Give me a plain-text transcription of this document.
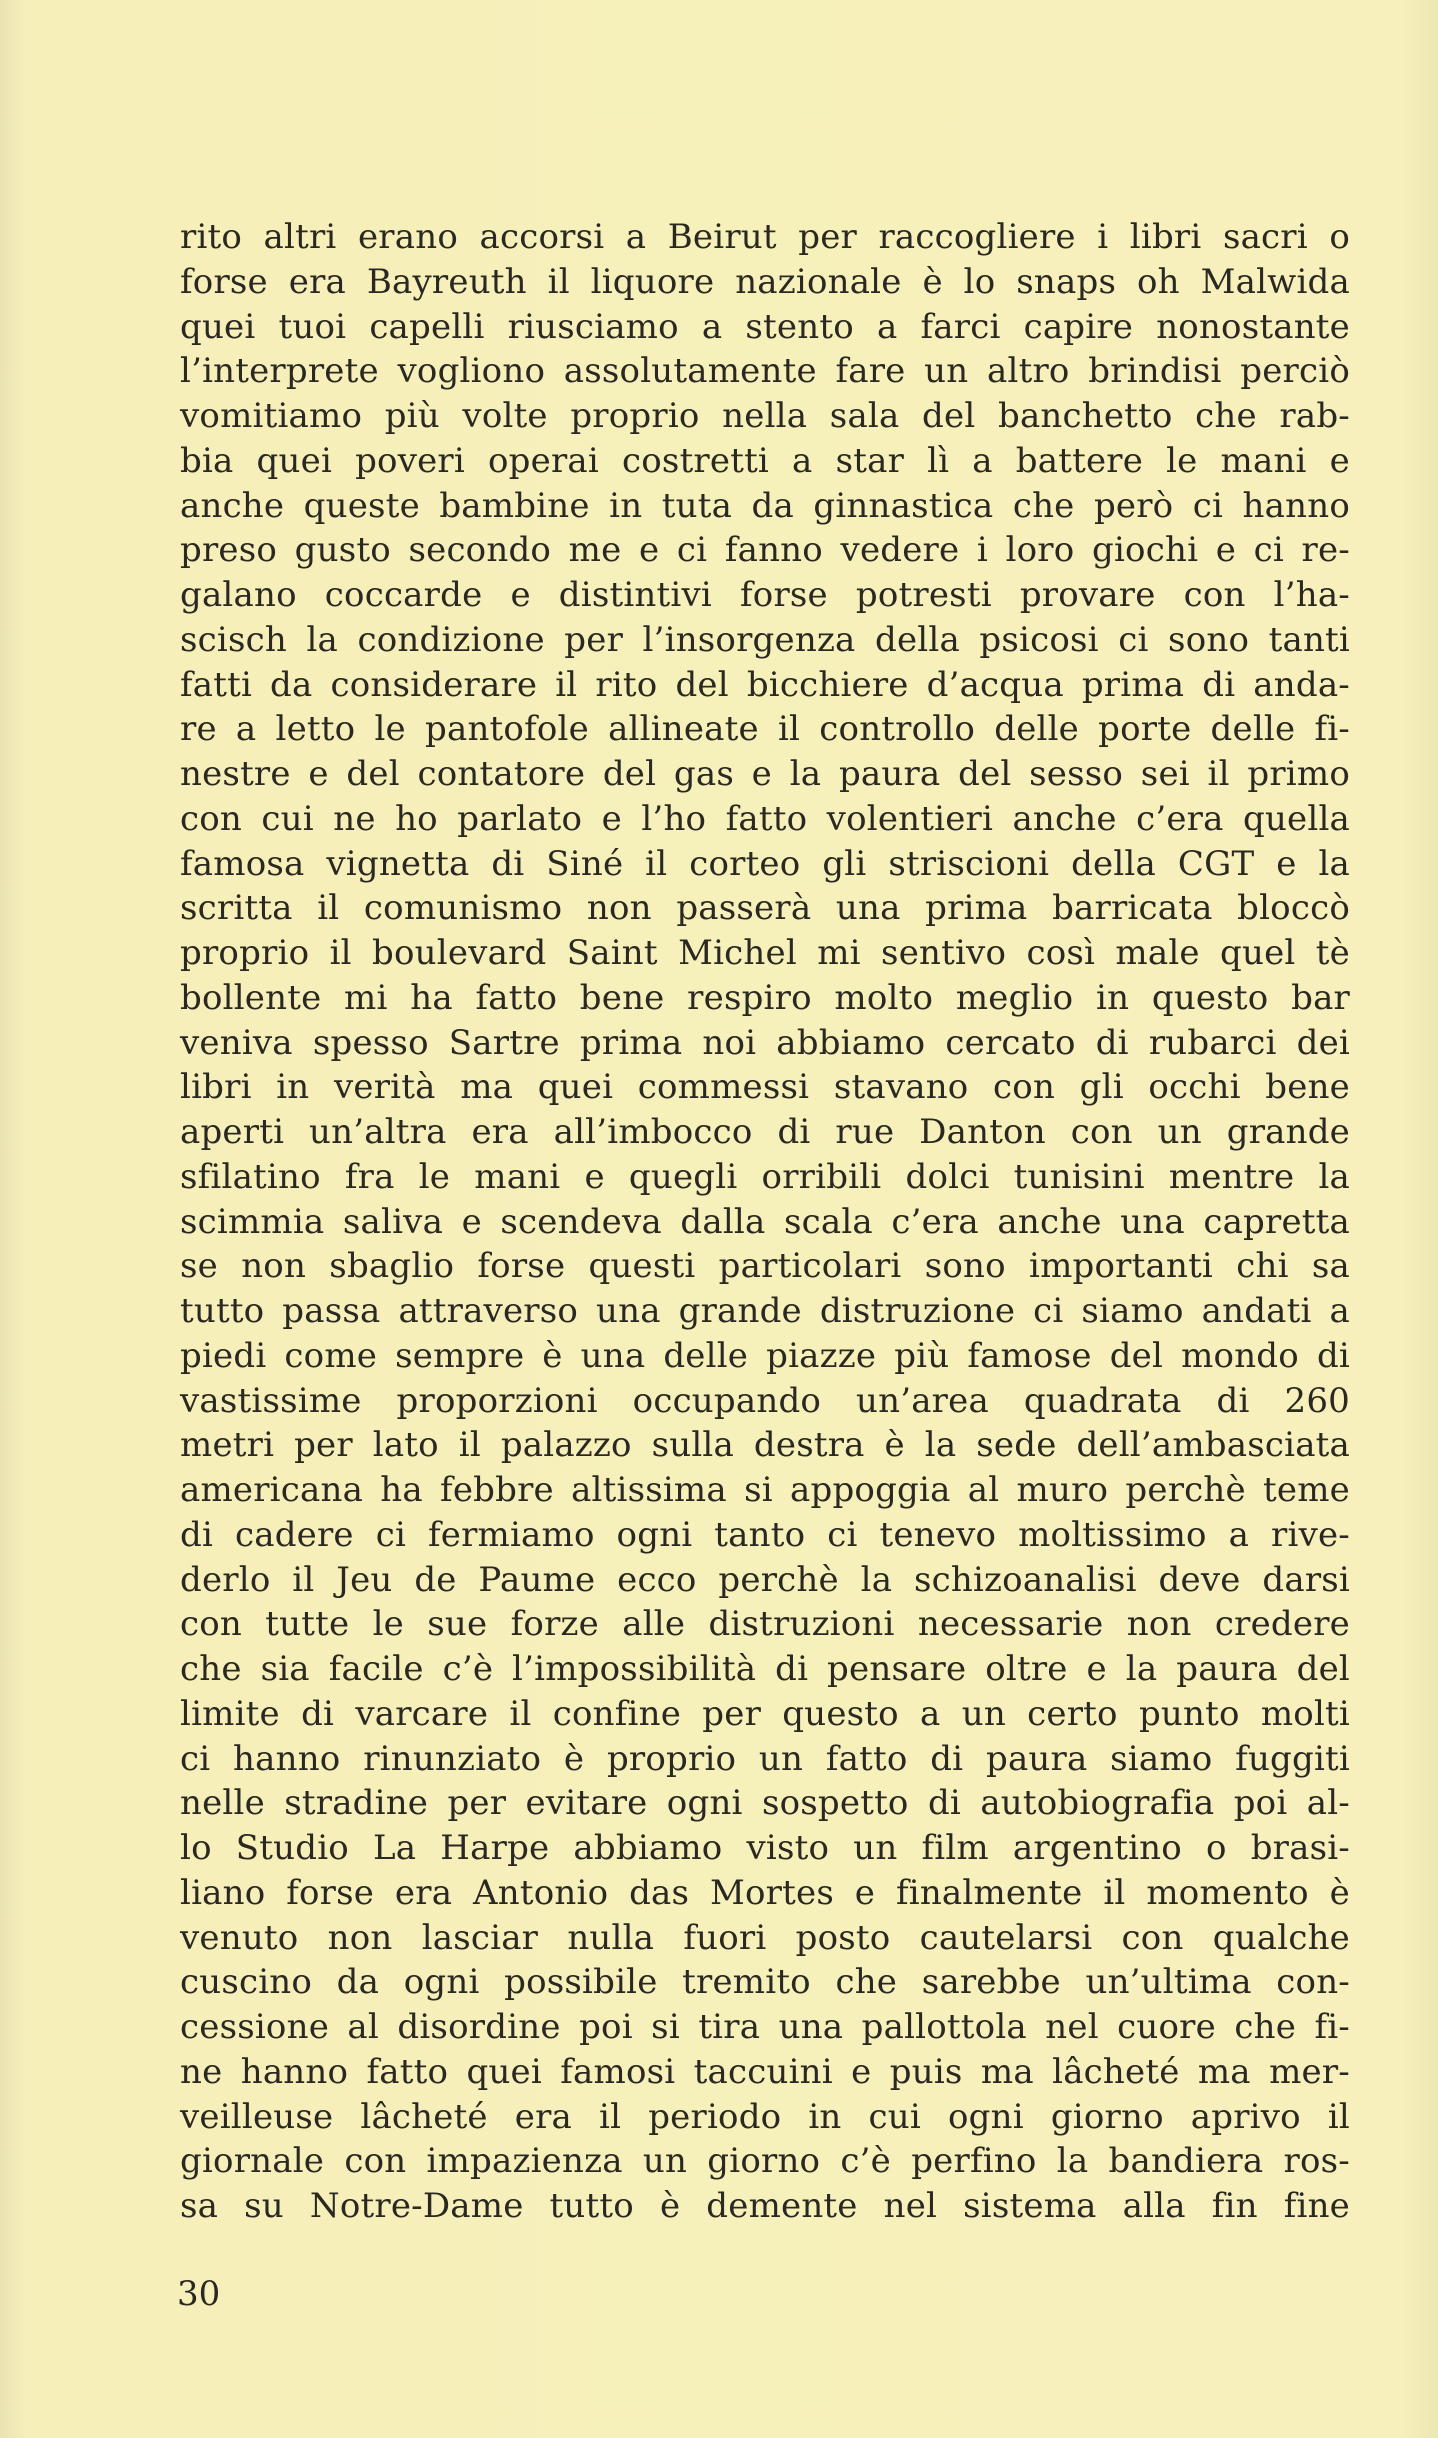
rito altri erano accorsi a Beirut per raccogliere i libri sacri o
forse era Bayreuth il liquore nazionale è lo snaps oh Malwida
quei tuoi capelli riusciamo a stento a farci capire nonostante
l’interprete vogliono assolutamente fare un altro brindisi perciò
vomitiamo più volte proprio nella sala del banchetto che rab-
bia quei poveri operai costretti a star lì a battere le mani e
anche queste bambine in tuta da ginnastica che però ci hanno
preso gusto secondo me e ci fanno vedere i loro giochi e ci re-
galano coccarde e distintivi forse potresti provare con l’ha-
scisch la condizione per l’insorgenza della psicosi ci sono tanti
fatti da considerare il rito del bicchiere d’acqua prima di anda-
re a letto le pantofole allineate il controllo delle porte delle fi-
nestre e del contatore del gas e la paura del sesso sei il primo
con cui ne ho parlato e l’ho fatto volentieri anche c’era quella
famosa vignetta di Siné il corteo gli striscioni della CGT e la
scritta il comunismo non passerà una prima barricata bloccò
proprio il boulevard Saint Michel mi sentivo così male quel tè
bollente mi ha fatto bene respiro molto meglio in questo bar
veniva spesso Sartre prima noi abbiamo cercato di rubarci dei
libri in verità ma quei commessi stavano con gli occhi bene
aperti un’altra era all’imbocco di rue Danton con un grande
sfilatino fra le mani e quegli orribili dolci tunisini mentre la
scimmia saliva e scendeva dalla scala c’era anche una capretta
se non sbaglio forse questi particolari sono importanti chi sa
tutto passa attraverso una grande distruzione ci siamo andati a
piedi come sempre è una delle piazze più famose del mondo di
vastissime proporzioni occupando un’area quadrata di 260
metri per lato il palazzo sulla destra è la sede dell’ambasciata
americana ha febbre altissima si appoggia al muro perchè teme
di cadere ci fermiamo ogni tanto ci tenevo moltissimo a rive-
derlo il Jeu de Paume ecco perchè la schizoanalisi deve darsi
con tutte le sue forze alle distruzioni necessarie non credere
che sia facile c’è l’impossibilità di pensare oltre e la paura del
limite di varcare il confine per questo a un certo punto molti
ci hanno rinunziato è proprio un fatto di paura siamo fuggiti
nelle stradine per evitare ogni sospetto di autobiografia poi al-
lo Studio La Harpe abbiamo visto un film argentino o brasi-
liano forse era Antonio das Mortes e finalmente il momento è
venuto non lasciar nulla fuori posto cautelarsi con qualche
cuscino da ogni possibile tremito che sarebbe un’ultima con-
cessione al disordine poi si tira una pallottola nel cuore che fi-
ne hanno fatto quei famosi taccuini e puis ma lâcheté ma mer-
veilleuse lâcheté era il periodo in cui ogni giorno aprivo il
giornale con impazienza un giorno c’è perfino la bandiera ros-
sa su Notre-Dame tutto è demente nel sistema alla fin fine
30
